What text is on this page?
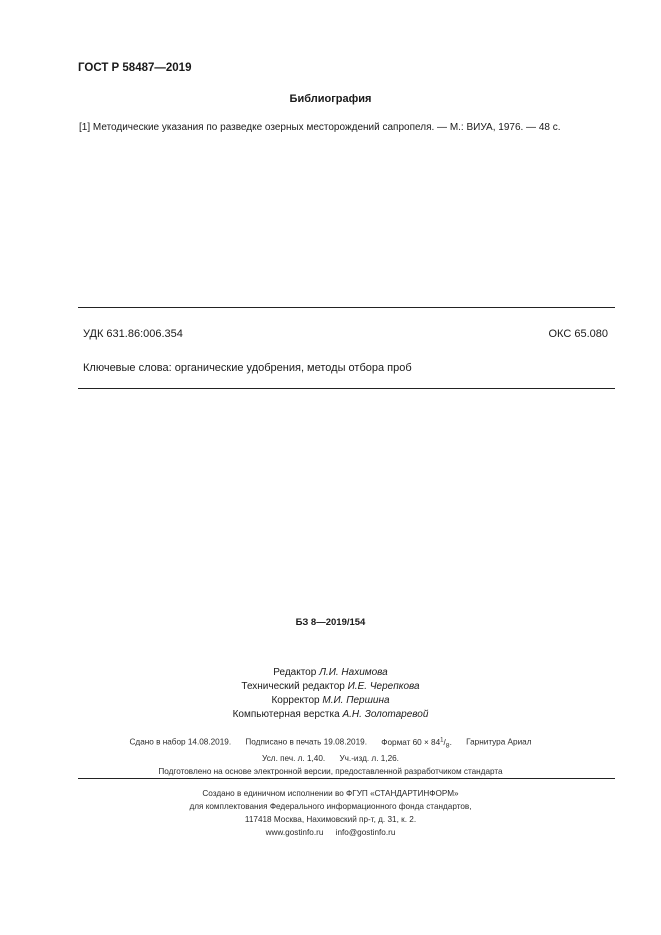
ГОСТ Р 58487—2019
Библиография
[1] Методические указания по разведке озерных месторождений сапропеля. — М.: ВИУА, 1976. — 48 с.
УДК 631.86:006.354	ОКС 65.080
Ключевые слова: органические удобрения, методы отбора проб
БЗ 8—2019/154
Редактор Л.И. Нахимова
Технический редактор И.Е. Черепкова
Корректор М.И. Першина
Компьютерная верстка А.Н. Золотаревой
Сдано в набор 14.08.2019. Подписано в печать 19.08.2019. Формат $60 \times 84^1/_8$. Гарнитура Ариал
Усл. печ. л. 1,40. Уч.-изд. л. 1,26.
Подготовлено на основе электронной версии, предоставленной разработчиком стандарта
Создано в единичном исполнении во ФГУП «СТАНДАРТИНФОРМ»
для комплектования Федерального информационного фонда стандартов,
117418 Москва, Нахимовский пр-т, д. 31, к. 2.
www.gostinfo.ru info@gostinfo.ru
